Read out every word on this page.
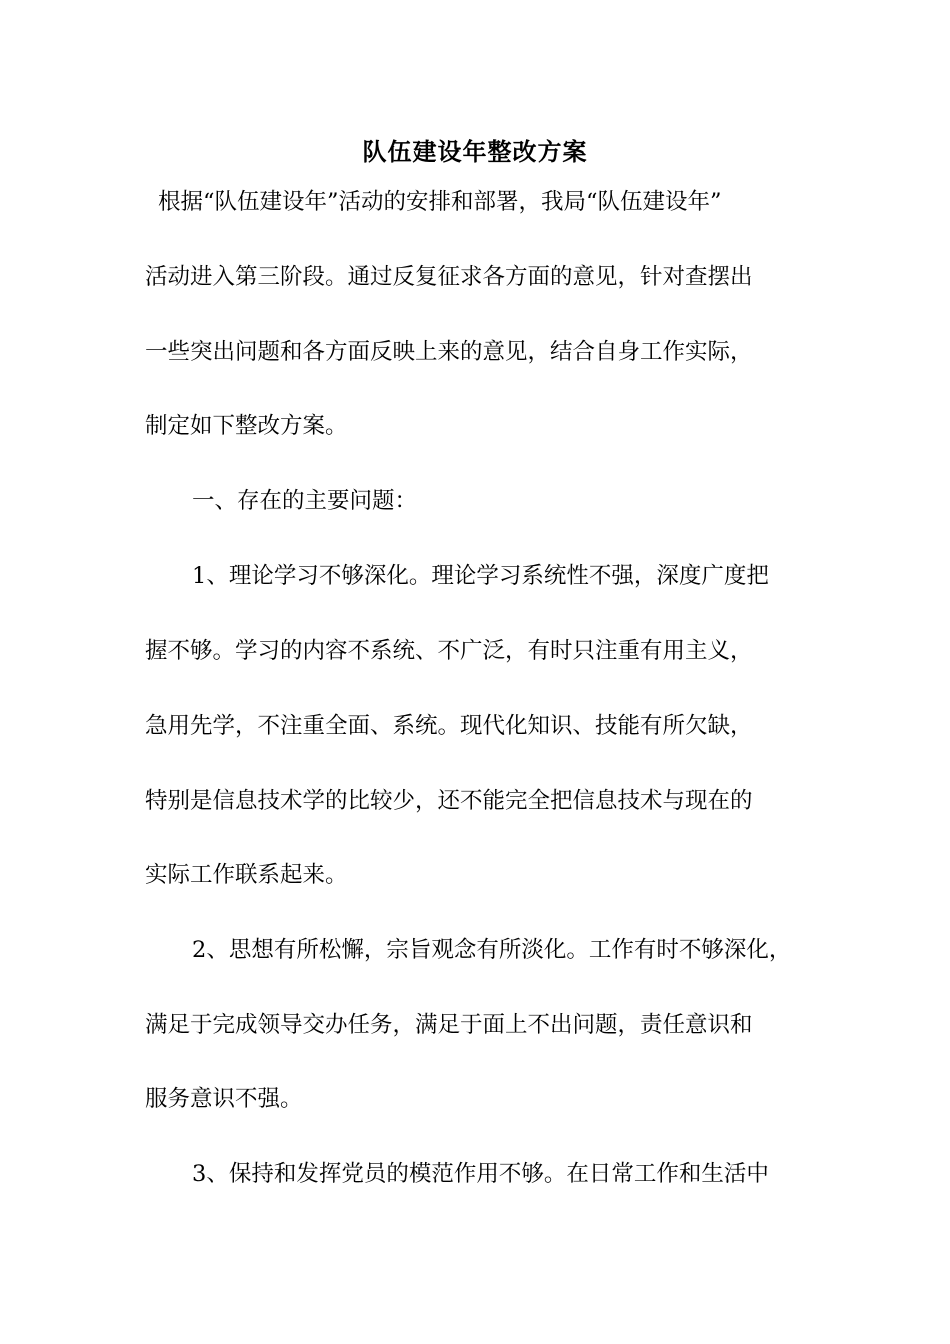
队伍建设年整改方案
根据“队伍建设年”活动的安排和部署，我局“队伍建设年”
活动进入第三阶段。通过反复征求各方面的意见，针对查摆出
一些突出问题和各方面反映上来的意见，结合自身工作实际，
制定如下整改方案。
一、存在的主要问题：
1、理论学习不够深化。理论学习系统性不强，深度广度把
握不够。学习的内容不系统、不广泛，有时只注重有用主义，
急用先学，不注重全面、系统。现代化知识、技能有所欠缺，
特别是信息技术学的比较少，还不能完全把信息技术与现在的
实际工作联系起来。
2、思想有所松懈，宗旨观念有所淡化。工作有时不够深化，
满足于完成领导交办任务，满足于面上不出问题，责任意识和
服务意识不强。
3、保持和发挥党员的模范作用不够。在日常工作和生活中
